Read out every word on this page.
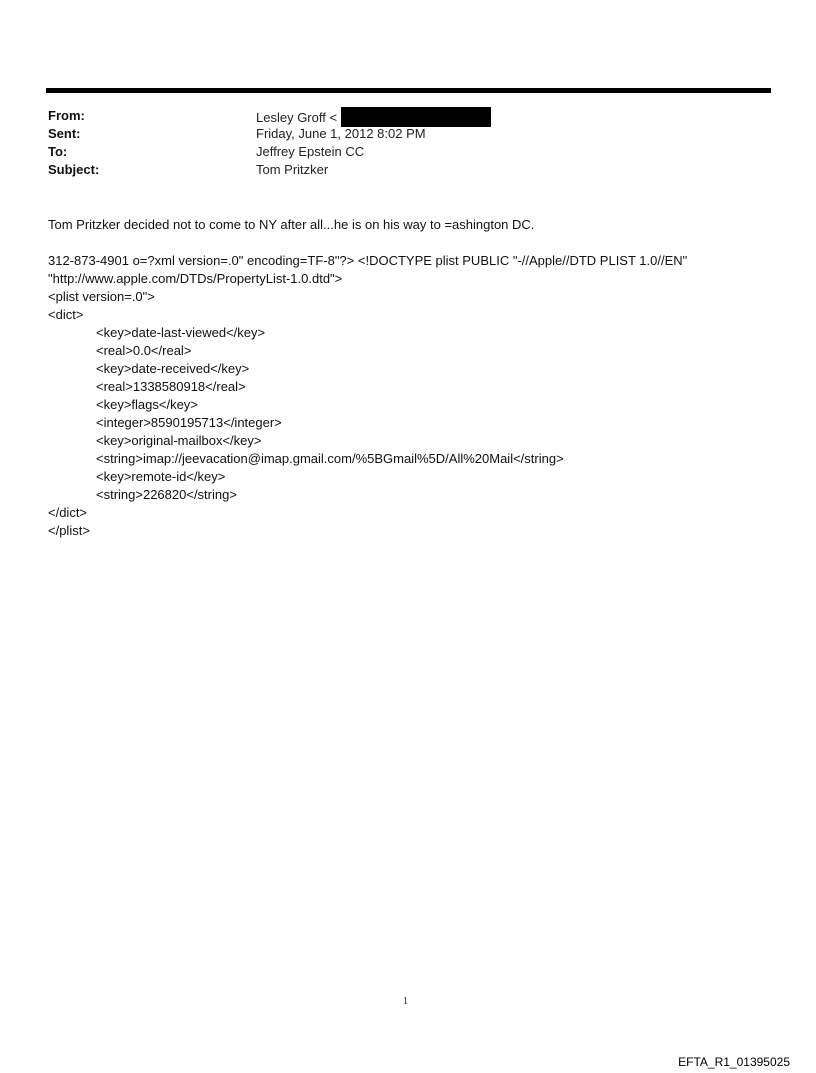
From:	Lesley Groff <
Sent:	Friday, June 1, 2012 8:02 PM
To:	Jeffrey Epstein CC
Subject:	Tom Pritzker
Tom Pritzker decided not to come to NY after all...he is on his way to =ashington DC.
312-873-4901 o=?xml version=.0" encoding=TF-8"?> <!DOCTYPE plist PUBLIC "-//Apple//DTD PLIST 1.0//EN"
"http://www.apple.com/DTDs/PropertyList-1.0.dtd">
<plist version=.0">
<dict>
<key>date-last-viewed</key>
<real>0.0</real>
<key>date-received</key>
<real>1338580918</real>
<key>flags</key>
<integer>8590195713</integer>
<key>original-mailbox</key>
<string>imap://jeevacation@imap.gmail.com/%5BGmail%5D/All%20Mail</string>
<key>remote-id</key>
<string>226820</string>
</dict>
</plist>
1
EFTA_R1_01395025
